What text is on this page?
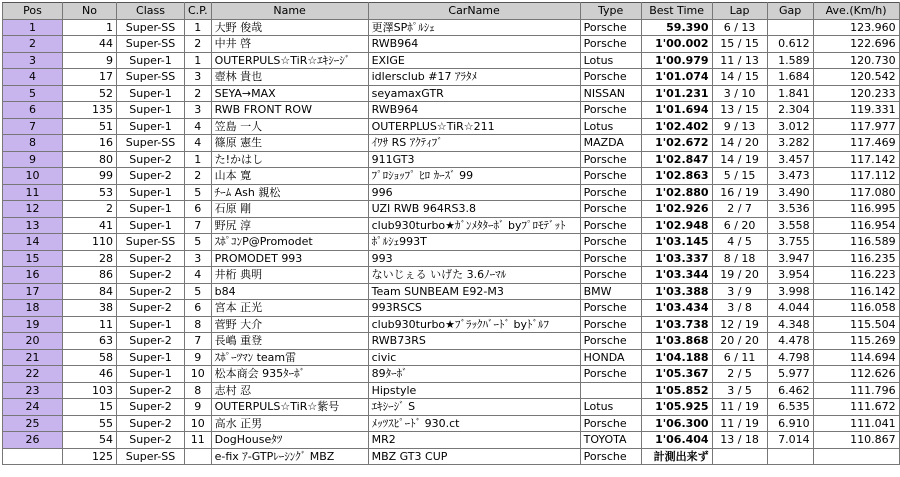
Pos	No	Class	C.P.	Name	CarName	Type	Best Time	Lap	Gap	Ave.(Km/h)
1	1	Super-SS	1	大野 俊哉	更澤SPﾎﾟﾙｼｪ	Porsche	59.390	6 / 13		123.960
2	44	Super-SS	2	中井 啓	RWB964	Porsche	1'00.002	15 / 15	0.612	122.696
3	9	Super-1	1	OUTERPULS☆TiR☆ｴｷｼｰｼﾞ	EXIGE	Lotus	1'00.979	11 / 13	1.589	120.730
4	17	Super-SS	3	壺林 貴也	idlersclub #17 ｱﾗﾀﾒ	Porsche	1'01.074	14 / 15	1.684	120.542
5	52	Super-1	2	SEYA→MAX	seyamaxGTR	NISSAN	1'01.231	3 / 10	1.841	120.233
6	135	Super-1	3	RWB FRONT ROW	RWB964	Porsche	1'01.694	13 / 15	2.304	119.331
7	51	Super-1	4	笠島 一人	OUTERPLUS☆TiR☆211	Lotus	1'02.402	9 / 13	3.012	117.977
8	16	Super-SS	4	篠原 憲生	ｲﾜｻ RS ｱｸﾃｨﾌﾞ	MAZDA	1'02.672	14 / 20	3.282	117.469
9	80	Super-2	1	た!かはし	911GT3	Porsche	1'02.847	14 / 19	3.457	117.142
10	99	Super-2	2	山本 寛	ﾌﾟﾛｼｮｯﾌﾟ ﾋﾛ ｶｰｽﾞ 99	Porsche	1'02.863	5 / 15	3.473	117.112
11	53	Super-1	5	ﾁｰﾑ Ash 親松	996	Porsche	1'02.880	16 / 19	3.490	117.080
12	2	Super-1	6	石原 剛	UZI RWB 964RS3.8	Porsche	1'02.926	2 / 7	3.536	116.995
13	41	Super-1	7	野尻 淳	club930turbo★ｶﾞﾝﾒﾀﾀｰﾎﾞ byﾌﾟﾛﾓﾃﾞｯﾄ	Porsche	1'02.948	6 / 20	3.558	116.954
14	110	Super-SS	5	ｽﾎﾟｺﾝP@Promodet	ﾎﾟﾙｼｪ993T	Porsche	1'03.145	4 / 5	3.755	116.589
15	28	Super-2	3	PROMODET 993	993	Porsche	1'03.337	8 / 18	3.947	116.235
16	86	Super-2	4	井桁 典明	ないじぇる いげた 3.6ﾉｰﾏﾙ	Porsche	1'03.344	19 / 20	3.954	116.223
17	84	Super-2	5	b84	Team SUNBEAM E92-M3	BMW	1'03.388	3 / 9	3.998	116.142
18	38	Super-2	6	宮本 正光	993RSCS	Porsche	1'03.434	3 / 8	4.044	116.058
19	11	Super-1	8	菅野 大介	club930turbo★ﾌﾞﾗｯｸﾊﾞｰﾄﾞ byﾄﾞﾙﾌ	Porsche	1'03.738	12 / 19	4.348	115.504
20	63	Super-2	7	長嶋 重登	RWB73RS	Porsche	1'03.868	20 / 20	4.478	115.269
21	58	Super-1	9	ｽﾎﾟｰﾂﾏﾝ team雷	civic	HONDA	1'04.188	6 / 11	4.798	114.694
22	46	Super-1	10	松本商会 935ﾀｰﾎﾞ	89ﾀｰﾎﾞ	Porsche	1'05.367	2 / 5	5.977	112.626
23	103	Super-2	8	志村 忍	Hipstyle		1'05.852	3 / 5	6.462	111.796
24	15	Super-2	9	OUTERPULS☆TiR☆紫号	ｴｷｼｰｼﾞ S	Lotus	1'05.925	11 / 19	6.535	111.672
25	55	Super-2	10	高水 正男	ﾒｯﾂｽﾋﾟｰﾄﾞ 930.ct	Porsche	1'06.300	11 / 19	6.910	111.041
26	54	Super-2	11	DogHouseﾀﾂ	MR2	TOYOTA	1'06.404	13 / 18	7.014	110.867
	125	Super-SS		e-fix ｱ-GTPﾚｰｼﾝｸﾞ MBZ	MBZ GT3 CUP	Porsche	計測出来ず			
